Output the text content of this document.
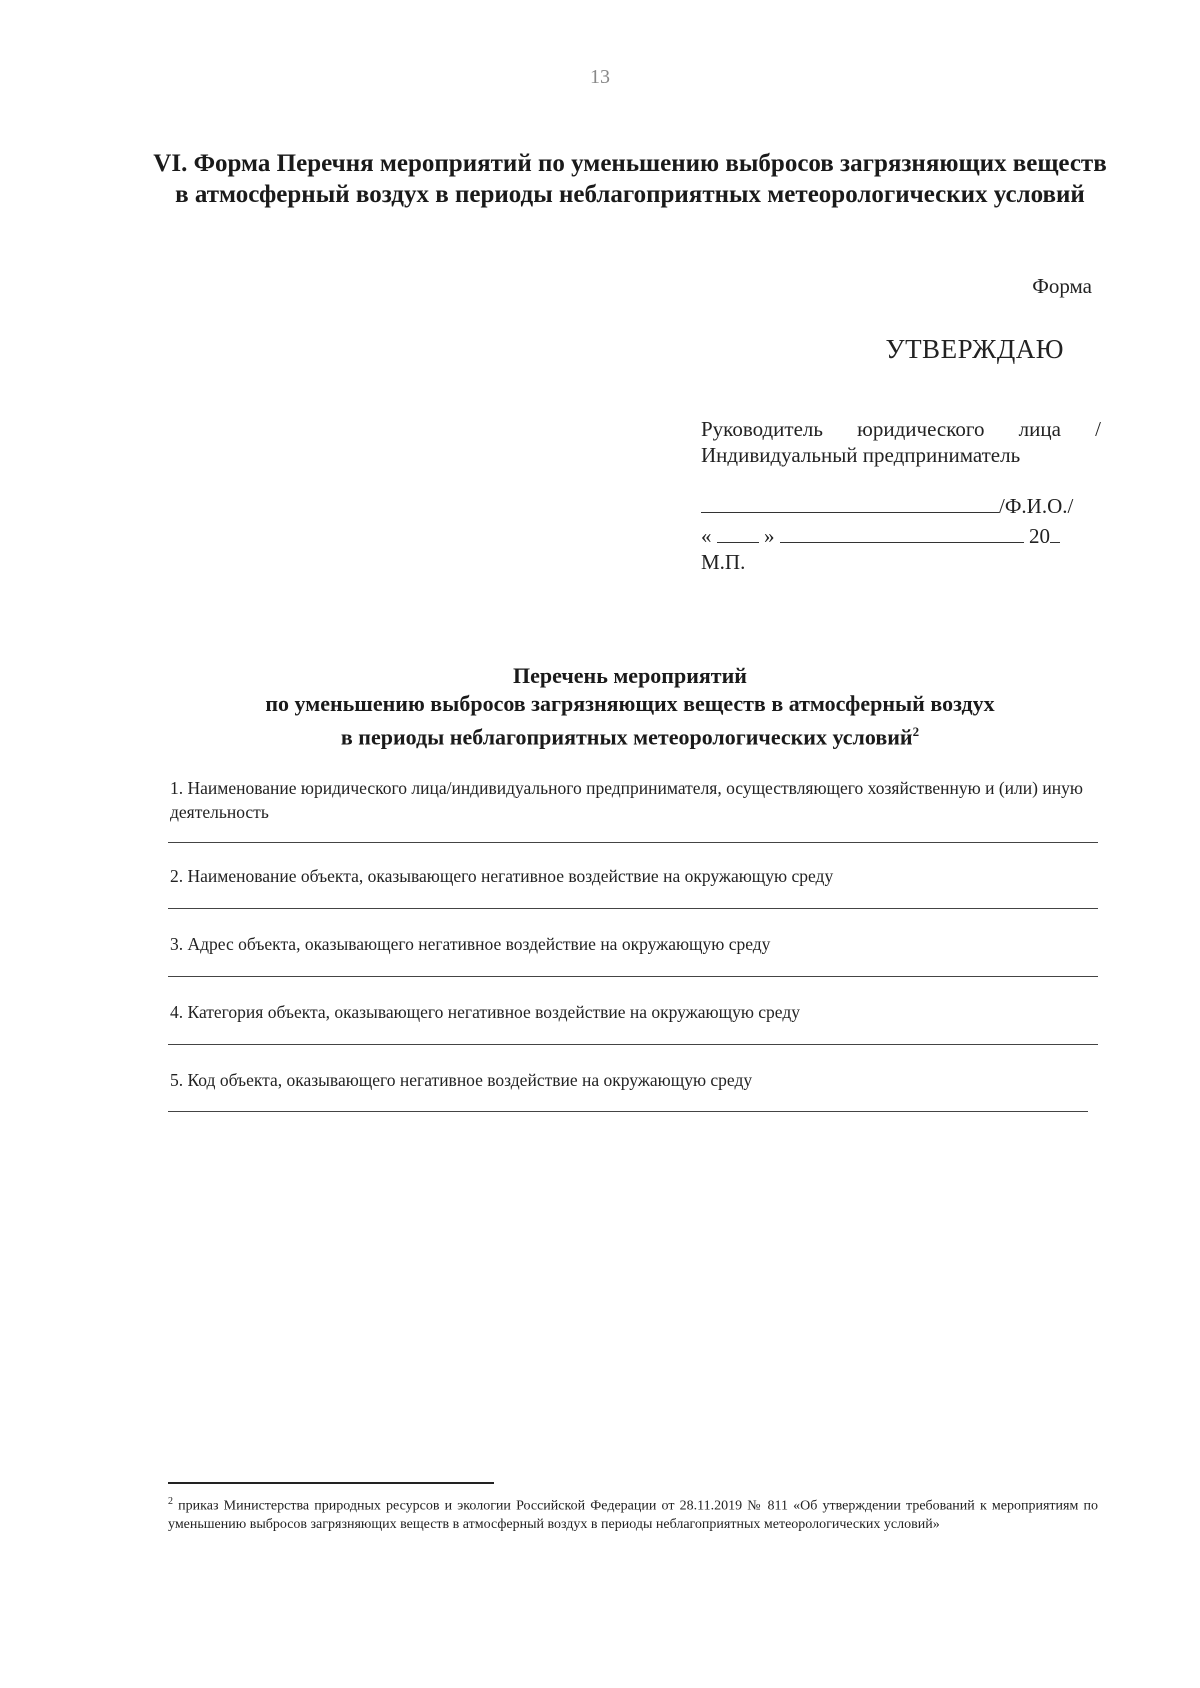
13
VI. Форма Перечня мероприятий по уменьшению выбросов загрязняющих веществ в атмосферный воздух в периоды неблагоприятных метеорологических условий
Форма
УТВЕРЖДАЮ
Руководитель юридического лица / Индивидуальный предприниматель
/Ф.И.О./
«	»	20
М.П.
Перечень мероприятий
по уменьшению выбросов загрязняющих веществ в атмосферный воздух
в периоды неблагоприятных метеорологических условий$^2$
1. Наименование юридического лица/индивидуального предпринимателя, осуществляющего хозяйственную и (или) иную деятельность
2. Наименование объекта, оказывающего негативное воздействие на окружающую среду
3. Адрес объекта, оказывающего негативное воздействие на окружающую среду
4. Категория объекта, оказывающего негативное воздействие на окружающую среду
5. Код объекта, оказывающего негативное воздействие на окружающую среду
$^2$ приказ Министерства природных ресурсов и экологии Российской Федерации от 28.11.2019 № 811 «Об утверждении требований к мероприятиям по уменьшению выбросов загрязняющих веществ в атмосферный воздух в периоды неблагоприятных метеорологических условий»
